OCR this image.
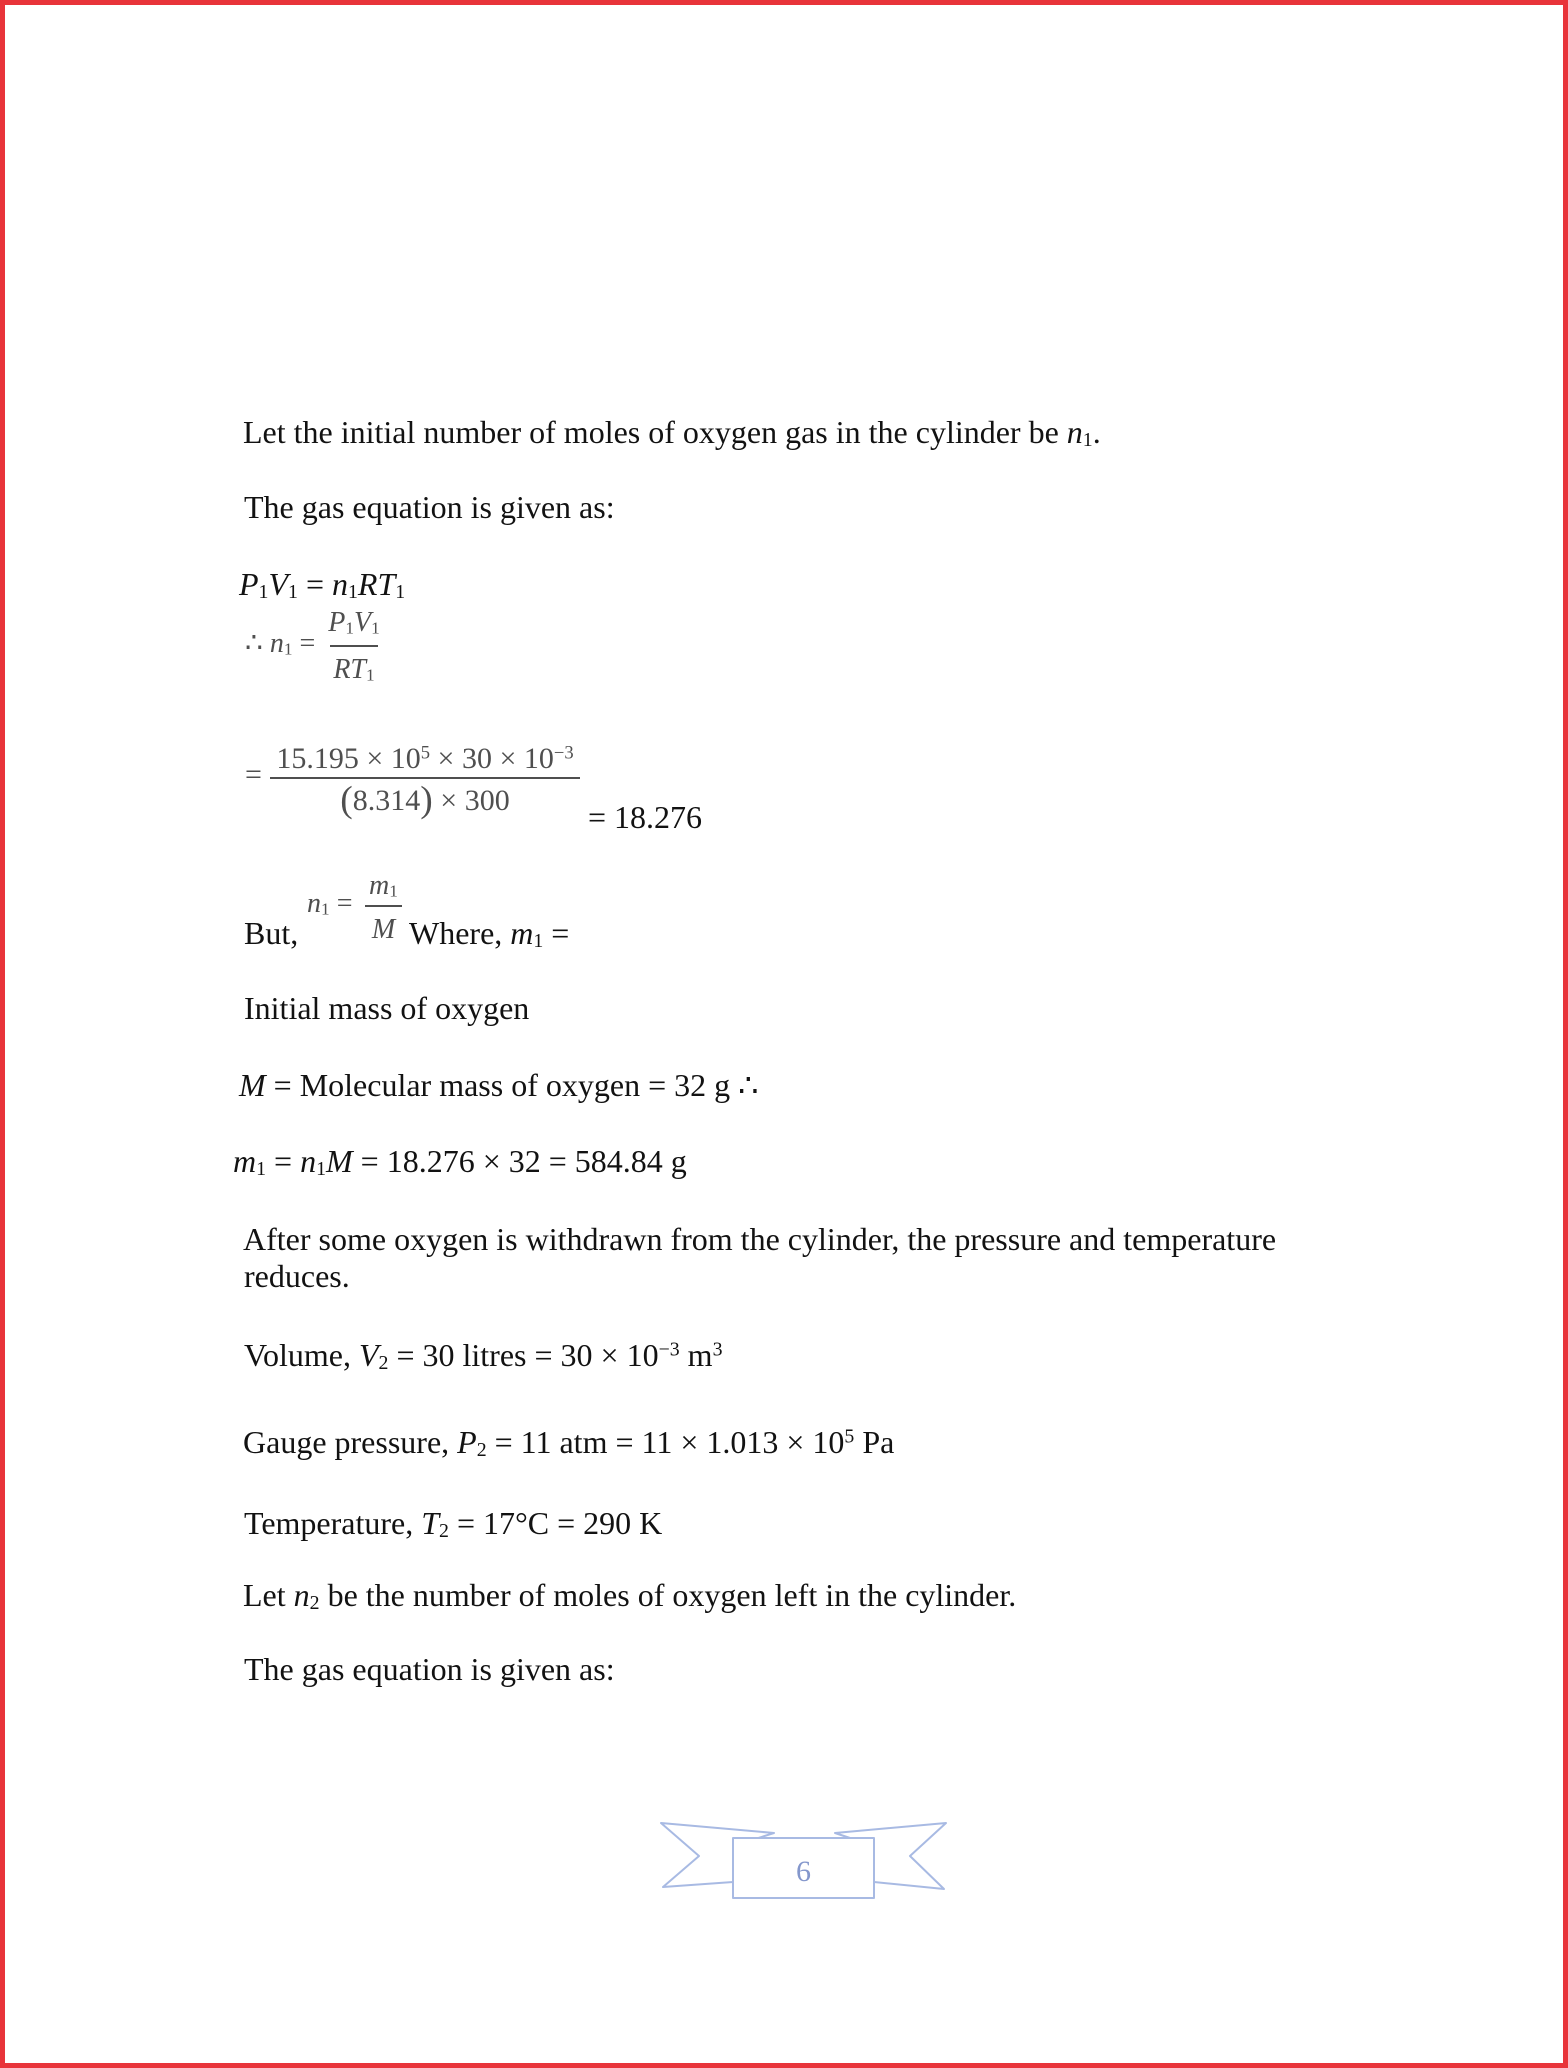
Let the initial number of moles of oxygen gas in the cylinder be $n_1$.
The gas equation is given as:
$P_1V_1 = n_1RT_1$
∴ $n_1$ =
$P_1V_1$
$RT_1$
= $15.195 \times 10^5 \times 30 \times 10^{-3}$
(8.314) × 300	= 18.276
But,
$n_1$ =
$m_1$
M Where, $m_1$ =
Initial mass of oxygen
M = Molecular mass of oxygen = 32 g ∴
$m_1 = n_1M = 18.276 \times 32 = 584.84$ g
After some oxygen is withdrawn from the cylinder, the pressure and temperature
reduces.
Volume, $V_2 = 30$ litres = $30 \times 10^{-3}$ $m^3$
Gauge pressure, $P_2 = 11$ atm = $11 \times 1.013 \times 10^5$ Pa
Temperature, $T_2 = 17^\circ C = 290$ K
Let $n_2$ be the number of moles of oxygen left in the cylinder.
The gas equation is given as:
6
